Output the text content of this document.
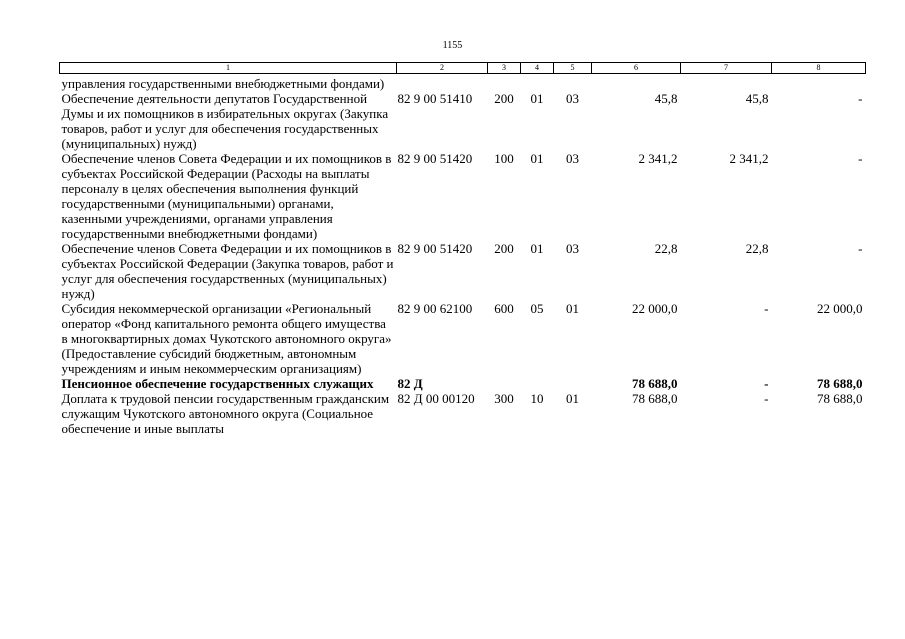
1155
1	2	3	4	5	6	7	8
управления государственными внебюджетными фондами)							
Обеспечение деятельности депутатов Государственной Думы и их помощников в избирательных округах (Закупка товаров, работ и услуг для обеспечения государственных (муниципальных) нужд)	82 9 00 51410	200	01	03	45,8	45,8	-
Обеспечение членов Совета Федерации и их помощников в субъектах Российской Федерации (Расходы на выплаты персоналу в целях обеспечения выполнения функций государственными (муниципальными) органами, казенными учреждениями, органами управления государственными внебюджетными фондами)	82 9 00 51420	100	01	03	2 341,2	2 341,2	-
Обеспечение членов Совета Федерации и их помощников в субъектах Российской Федерации (Закупка товаров, работ и услуг для обеспечения государственных (муниципальных) нужд)	82 9 00 51420	200	01	03	22,8	22,8	-
Субсидия некоммерческой организации «Региональный оператор «Фонд капитального ремонта общего имущества в многоквартирных домах Чукотского автономного округа» (Предоставление субсидий бюджетным, автономным учреждениям и иным некоммерческим организациям)	82 9 00 62100	600	05	01	22 000,0	-	22 000,0
Пенсионное обеспечение государственных служащих	82 Д				78 688,0	-	78 688,0
Доплата к трудовой пенсии государственным гражданским служащим Чукотского автономного округа (Социальное обеспечение и иные выплаты	82 Д 00 00120	300	10	01	78 688,0	-	78 688,0
